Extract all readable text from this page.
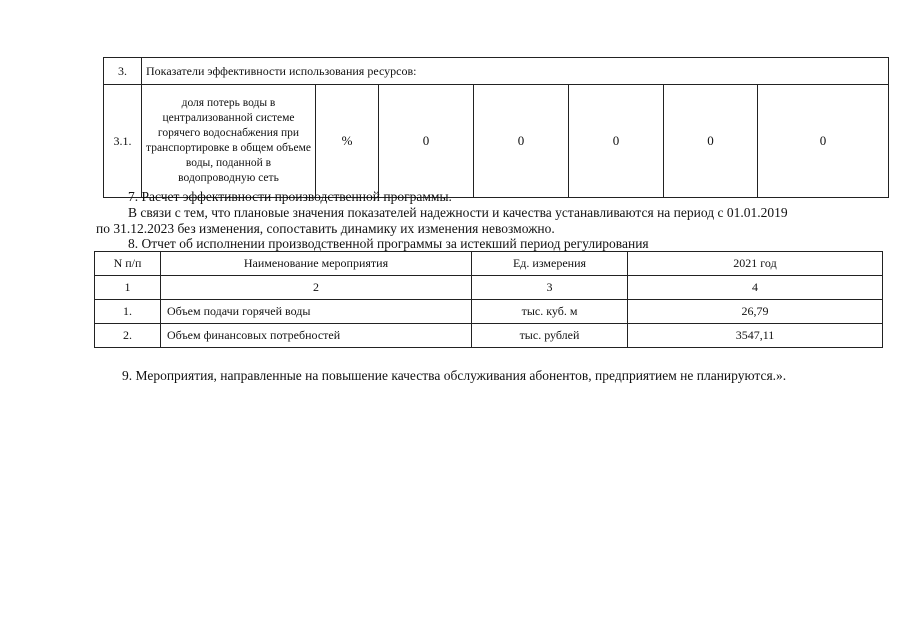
3.	Показатели эффективности использования ресурсов:						
3.1.	доля потерь воды в централизованной системе горячего водоснабжения при транспортировке в общем объеме воды, поданной в водопроводную сеть	%	0	0	0	0	0
7. Расчет эффективности производственной программы.
В связи с тем, что плановые значения показателей надежности и качества устанавливаются на период с 01.01.2019
по 31.12.2023 без изменения, сопоставить динамику их изменения невозможно.
8. Отчет об исполнении производственной программы за истекший период регулирования
N п/п	Наименование мероприятия	Ед. измерения	2021 год
1	2	3	4
1.	Объем подачи горячей воды	тыс. куб. м	26,79
2.	Объем финансовых потребностей	тыс. рублей	3547,11
9. Мероприятия, направленные на повышение качества обслуживания абонентов, предприятием не планируются.».
